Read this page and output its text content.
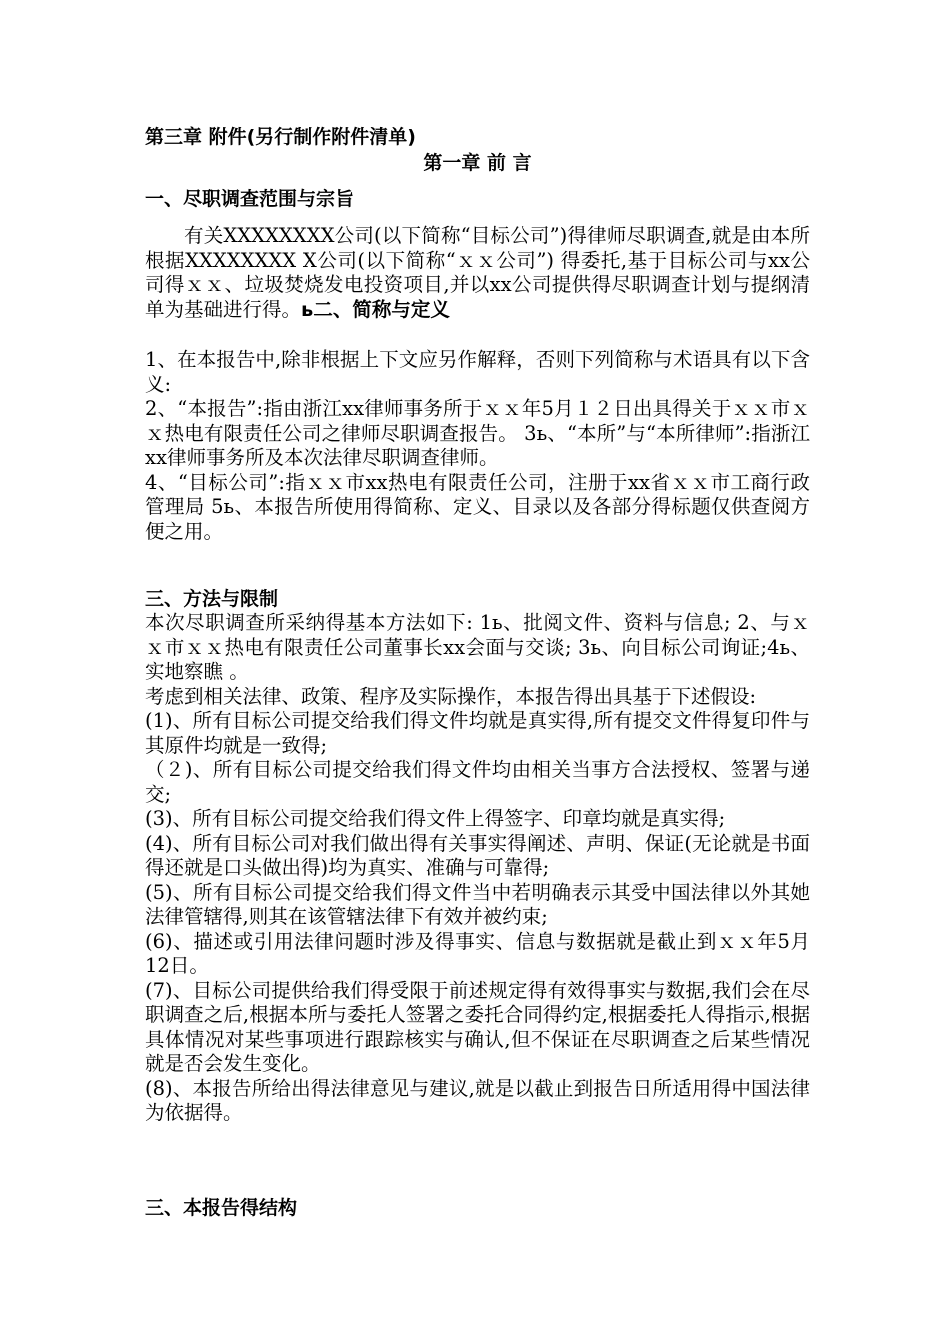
第三章 附件(另行制作附件清单)
第一章 前 言
一、尽职调查范围与宗旨

有关XXXXXXXX公司(以下简称“目标公司”)得律师尽职调查,就是由本所根据XXXXXXXX X公司(以下简称“ｘｘ公司”) 得委托,基于目标公司与xx公司得ｘｘ、垃圾焚烧发电投资项目,并以xx公司提供得尽职调查计划与提纲清单为基础进行得。ь二、简称与定义

1、在本报告中,除非根据上下文应另作解释，否则下列简称与术语具有以下含义:

2、“本报告”:指由浙江xx律师事务所于ｘｘ年5月１２日出具得关于ｘｘ市ｘｘ热电有限责任公司之律师尽职调查报告。 3ь、“本所”与“本所律师”:指浙江xx律师事务所及本次法律尽职调查律师。

4、“目标公司”:指ｘｘ市xx热电有限责任公司，注册于xx省ｘｘ市工商行政管理局 5ь、本报告所使用得简称、定义、目录以及各部分得标题仅供查阅方便之用。

三、方法与限制

本次尽职调查所采纳得基本方法如下: 1ь、批阅文件、资料与信息; 2、与ｘｘ市ｘｘ热电有限责任公司董事长xx会面与交谈; 3ь、向目标公司询证;4ь、实地察瞧 。

考虑到相关法律、政策、程序及实际操作，本报告得出具基于下述假设:

(1)、所有目标公司提交给我们得文件均就是真实得,所有提交文件得复印件与其原件均就是一致得;

（２)、所有目标公司提交给我们得文件均由相关当事方合法授权、签署与递交;

(3)、所有目标公司提交给我们得文件上得签字、印章均就是真实得;

(4)、所有目标公司对我们做出得有关事实得阐述、声明、保证(无论就是书面得还就是口头做出得)均为真实、准确与可靠得;

(5)、所有目标公司提交给我们得文件当中若明确表示其受中国法律以外其她法律管辖得,则其在该管辖法律下有效并被约束;

(6)、描述或引用法律问题时涉及得事实、信息与数据就是截止到ｘｘ年5月12日。

(7)、目标公司提供给我们得受限于前述规定得有效得事实与数据,我们会在尽职调查之后,根据本所与委托人签署之委托合同得约定,根据委托人得指示,根据具体情况对某些事项进行跟踪核实与确认,但不保证在尽职调查之后某些情况就是否会发生变化。

(8)、本报告所给出得法律意见与建议,就是以截止到报告日所适用得中国法律为依据得。

三、本报告得结构
